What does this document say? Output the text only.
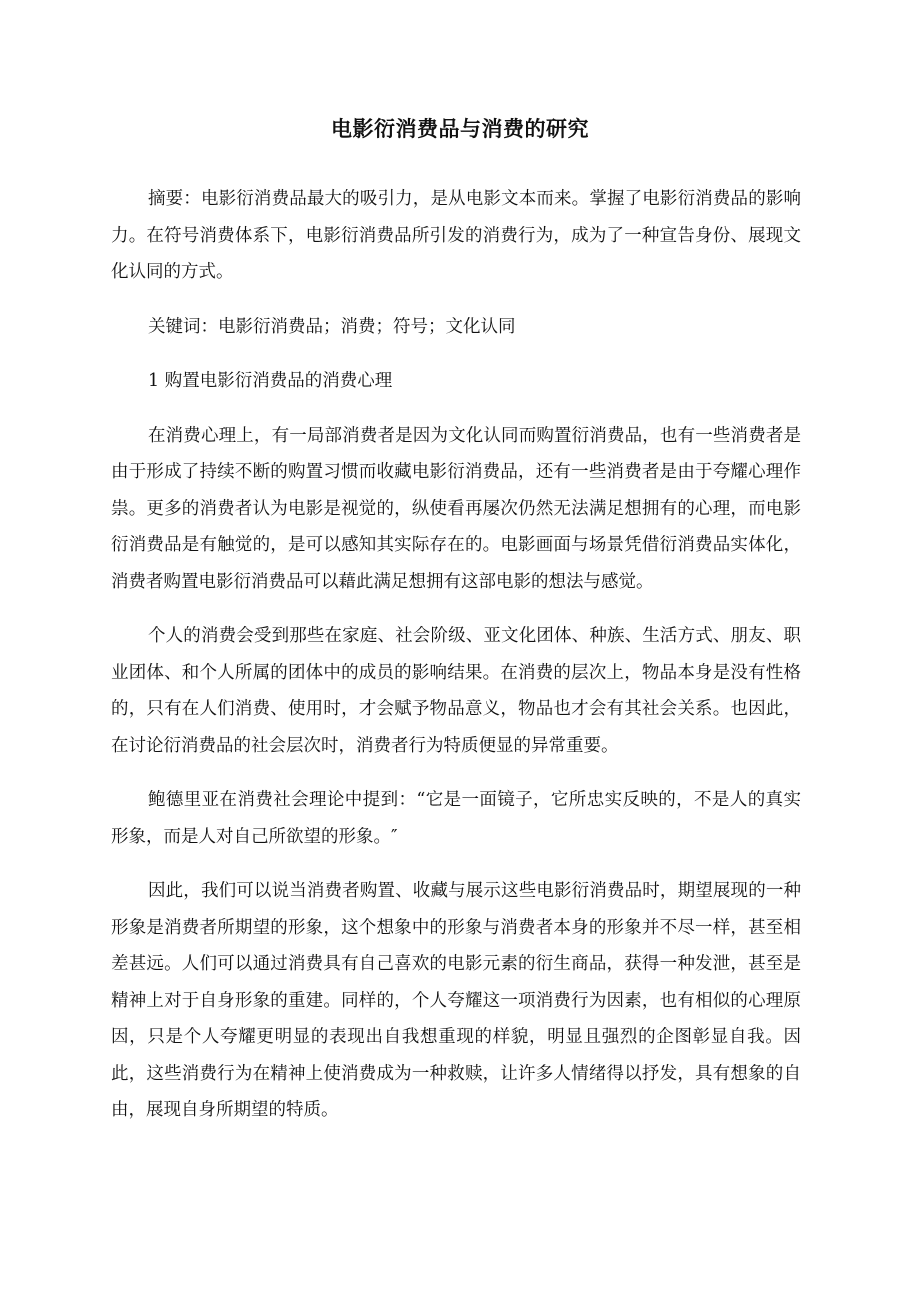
电影衍消费品与消费的研究

摘要：电影衍消费品最大的吸引力，是从电影文本而来。掌握了电影衍消费品的影响力。在符号消费体系下，电影衍消费品所引发的消费行为，成为了一种宣告身份、展现文化认同的方式。

关键词：电影衍消费品；消费；符号；文化认同

1 购置电影衍消费品的消费心理

在消费心理上，有一局部消费者是因为文化认同而购置衍消费品，也有一些消费者是由于形成了持续不断的购置习惯而收藏电影衍消费品，还有一些消费者是由于夸耀心理作祟。更多的消费者认为电影是视觉的，纵使看再屡次仍然无法满足想拥有的心理，而电影衍消费品是有触觉的，是可以感知其实际存在的。电影画面与场景凭借衍消费品实体化，消费者购置电影衍消费品可以藉此满足想拥有这部电影的想法与感觉。

个人的消费会受到那些在家庭、社会阶级、亚文化团体、种族、生活方式、朋友、职业团体、和个人所属的团体中的成员的影响结果。在消费的层次上，物品本身是没有性格的，只有在人们消费、使用时，才会赋予物品意义，物品也才会有其社会关系。也因此，在讨论衍消费品的社会层次时，消费者行为特质便显的异常重要。

鲍德里亚在消费社会理论中提到：“它是一面镜子，它所忠实反映的，不是人的真实形象，而是人对自己所欲望的形象。″

因此，我们可以说当消费者购置、收藏与展示这些电影衍消费品时，期望展现的一种形象是消费者所期望的形象，这个想象中的形象与消费者本身的形象并不尽一样，甚至相差甚远。人们可以通过消费具有自己喜欢的电影元素的衍生商品，获得一种发泄，甚至是精神上对于自身形象的重建。同样的，个人夸耀这一项消费行为因素，也有相似的心理原因，只是个人夸耀更明显的表现出自我想重现的样貌，明显且强烈的企图彰显自我。因此，这些消费行为在精神上使消费成为一种救赎，让许多人情绪得以抒发，具有想象的自由，展现自身所期望的特质。
